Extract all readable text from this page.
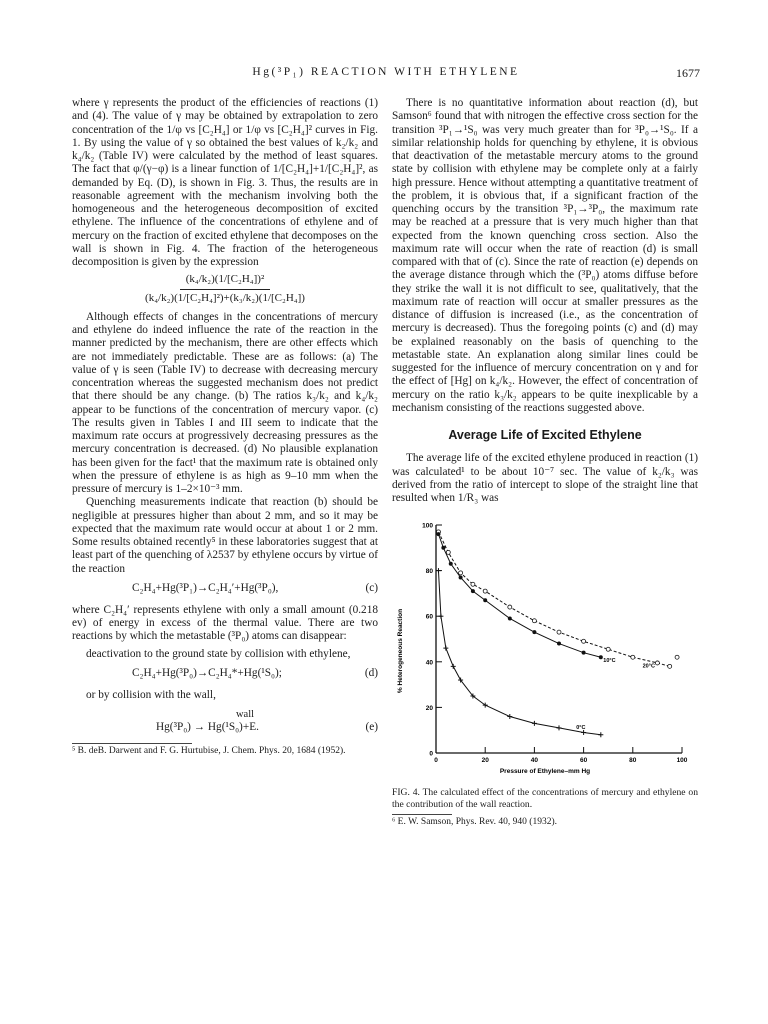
Hg(³P₁) REACTION WITH ETHYLENE	1677

where γ represents the product of the efficiencies of reactions (1) and (4). The value of γ may be obtained by extrapolation to zero concentration of the 1/φ vs [C₂H₄] or 1/φ vs [C₂H₄]² curves in Fig. 1. By using the value of γ so obtained the best values of k₂/k₂ and k₄/k₂ (Table IV) were calculated by the method of least squares. The fact that φ/(γ−φ) is a linear function of 1/[C₂H₄]+1/[C₂H₄]², as demanded by Eq. (D), is shown in Fig. 3. Thus, the results are in reasonable agreement with the mechanism involving both the homogeneous and the heterogeneous decomposition of excited ethylene. The influence of the concentrations of ethylene and of mercury on the fraction of excited ethylene that decomposes on the wall is shown in Fig. 4. The fraction of the heterogeneous decomposition is given by the expression

(k₄/k₂)(1/[C₂H₄])²
(k₄/k₂)(1/[C₂H₄]²)+(k₃/k₂)(1/[C₂H₄])

Although effects of changes in the concentrations of mercury and ethylene do indeed influence the rate of the reaction in the manner predicted by the mechanism, there are other effects which are not immediately predictable. These are as follows: (a) The value of γ is seen (Table IV) to decrease with decreasing mercury concentration whereas the suggested mechanism does not predict that there should be any change. (b) The ratios k₃/k₂ and k₄/k₂ appear to be functions of the concentration of mercury vapor. (c) The results given in Tables I and III seem to indicate that the maximum rate occurs at progressively decreasing pressures as the mercury concentration is decreased. (d) No plausible explanation has been given for the fact¹ that the maximum rate is obtained only when the pressure of ethylene is as high as 9–10 mm when the pressure of mercury is 1–2×10⁻³ mm.

Quenching measurements indicate that reaction (b) should be negligible at pressures higher than about 2 mm, and so it may be expected that the maximum rate would occur at about 1 or 2 mm. Some results obtained recently⁵ in these laboratories suggest that at least part of the quenching of λ2537 by ethylene occurs by virtue of the reaction

C₂H₄+Hg(³P₁)→C₂H₄′+Hg(³P₀),	(c)

where C₂H₄′ represents ethylene with only a small amount (0.218 ev) of energy in excess of the thermal value. There are two reactions by which the metastable (³P₀) atoms can disappear:

deactivation to the ground state by collision with ethylene,

C₂H₄+Hg(³P₀)→C₂H₄*+Hg(¹S₀);	(d)

or by collision with the wall,

wall
Hg(³P₀) → Hg(¹S₀)+E.	(e)
⁵ B. deB. Darwent and F. G. Hurtubise, J. Chem. Phys. 20, 1684 (1952).

There is no quantitative information about reaction (d), but Samson⁶ found that with nitrogen the effective cross section for the transition ³P₁→¹S₀ was very much greater than for ³P₀→¹S₀. If a similar relationship holds for quenching by ethylene, it is obvious that deactivation of the metastable mercury atoms to the ground state by collision with ethylene may be complete only at a fairly high pressure. Hence without attempting a quantitative treatment of the problem, it is obvious that, if a significant fraction of the quenching occurs by the transition ³P₁→³P₀, the maximum rate may be reached at a pressure that is very much higher than that expected from the known quenching cross section. Also the maximum rate will occur when the rate of reaction (d) is small compared with that of (c). Since the rate of reaction (e) depends on the average distance through which the (³P₀) atoms diffuse before they strike the wall it is not difficult to see, qualitatively, that the maximum rate of reaction will occur at smaller pressures as the distance of diffusion is increased (i.e., as the concentration of mercury is decreased). Thus the foregoing points (c) and (d) may be explained reasonably on the basis of quenching to the metastable state. An explanation along similar lines could be suggested for the influence of mercury concentration on γ and for the effect of [Hg] on k₄/k₂. However, the effect of concentration of mercury on the ratio k₃/k₂ appears to be quite inexplicable by a mechanism consisting of the reactions suggested above.

Average Life of Excited Ethylene

The average life of the excited ethylene produced in reaction (1) was calculated¹ to be about 10⁻⁷ sec. The value of k₂/k₃ was derived from the ratio of intercept to slope of the straight line that resulted when 1/R₃ was

0	20	40	60	80	100
0
20
40
60
80
100
20°C
10°C
0°C
Pressure of Ethylene–mm Hg
% Heterogeneous Reaction
FIG. 4. The calculated effect of the concentrations of mercury and ethylene on the contribution of the wall reaction.
⁶ E. W. Samson, Phys. Rev. 40, 940 (1932).
